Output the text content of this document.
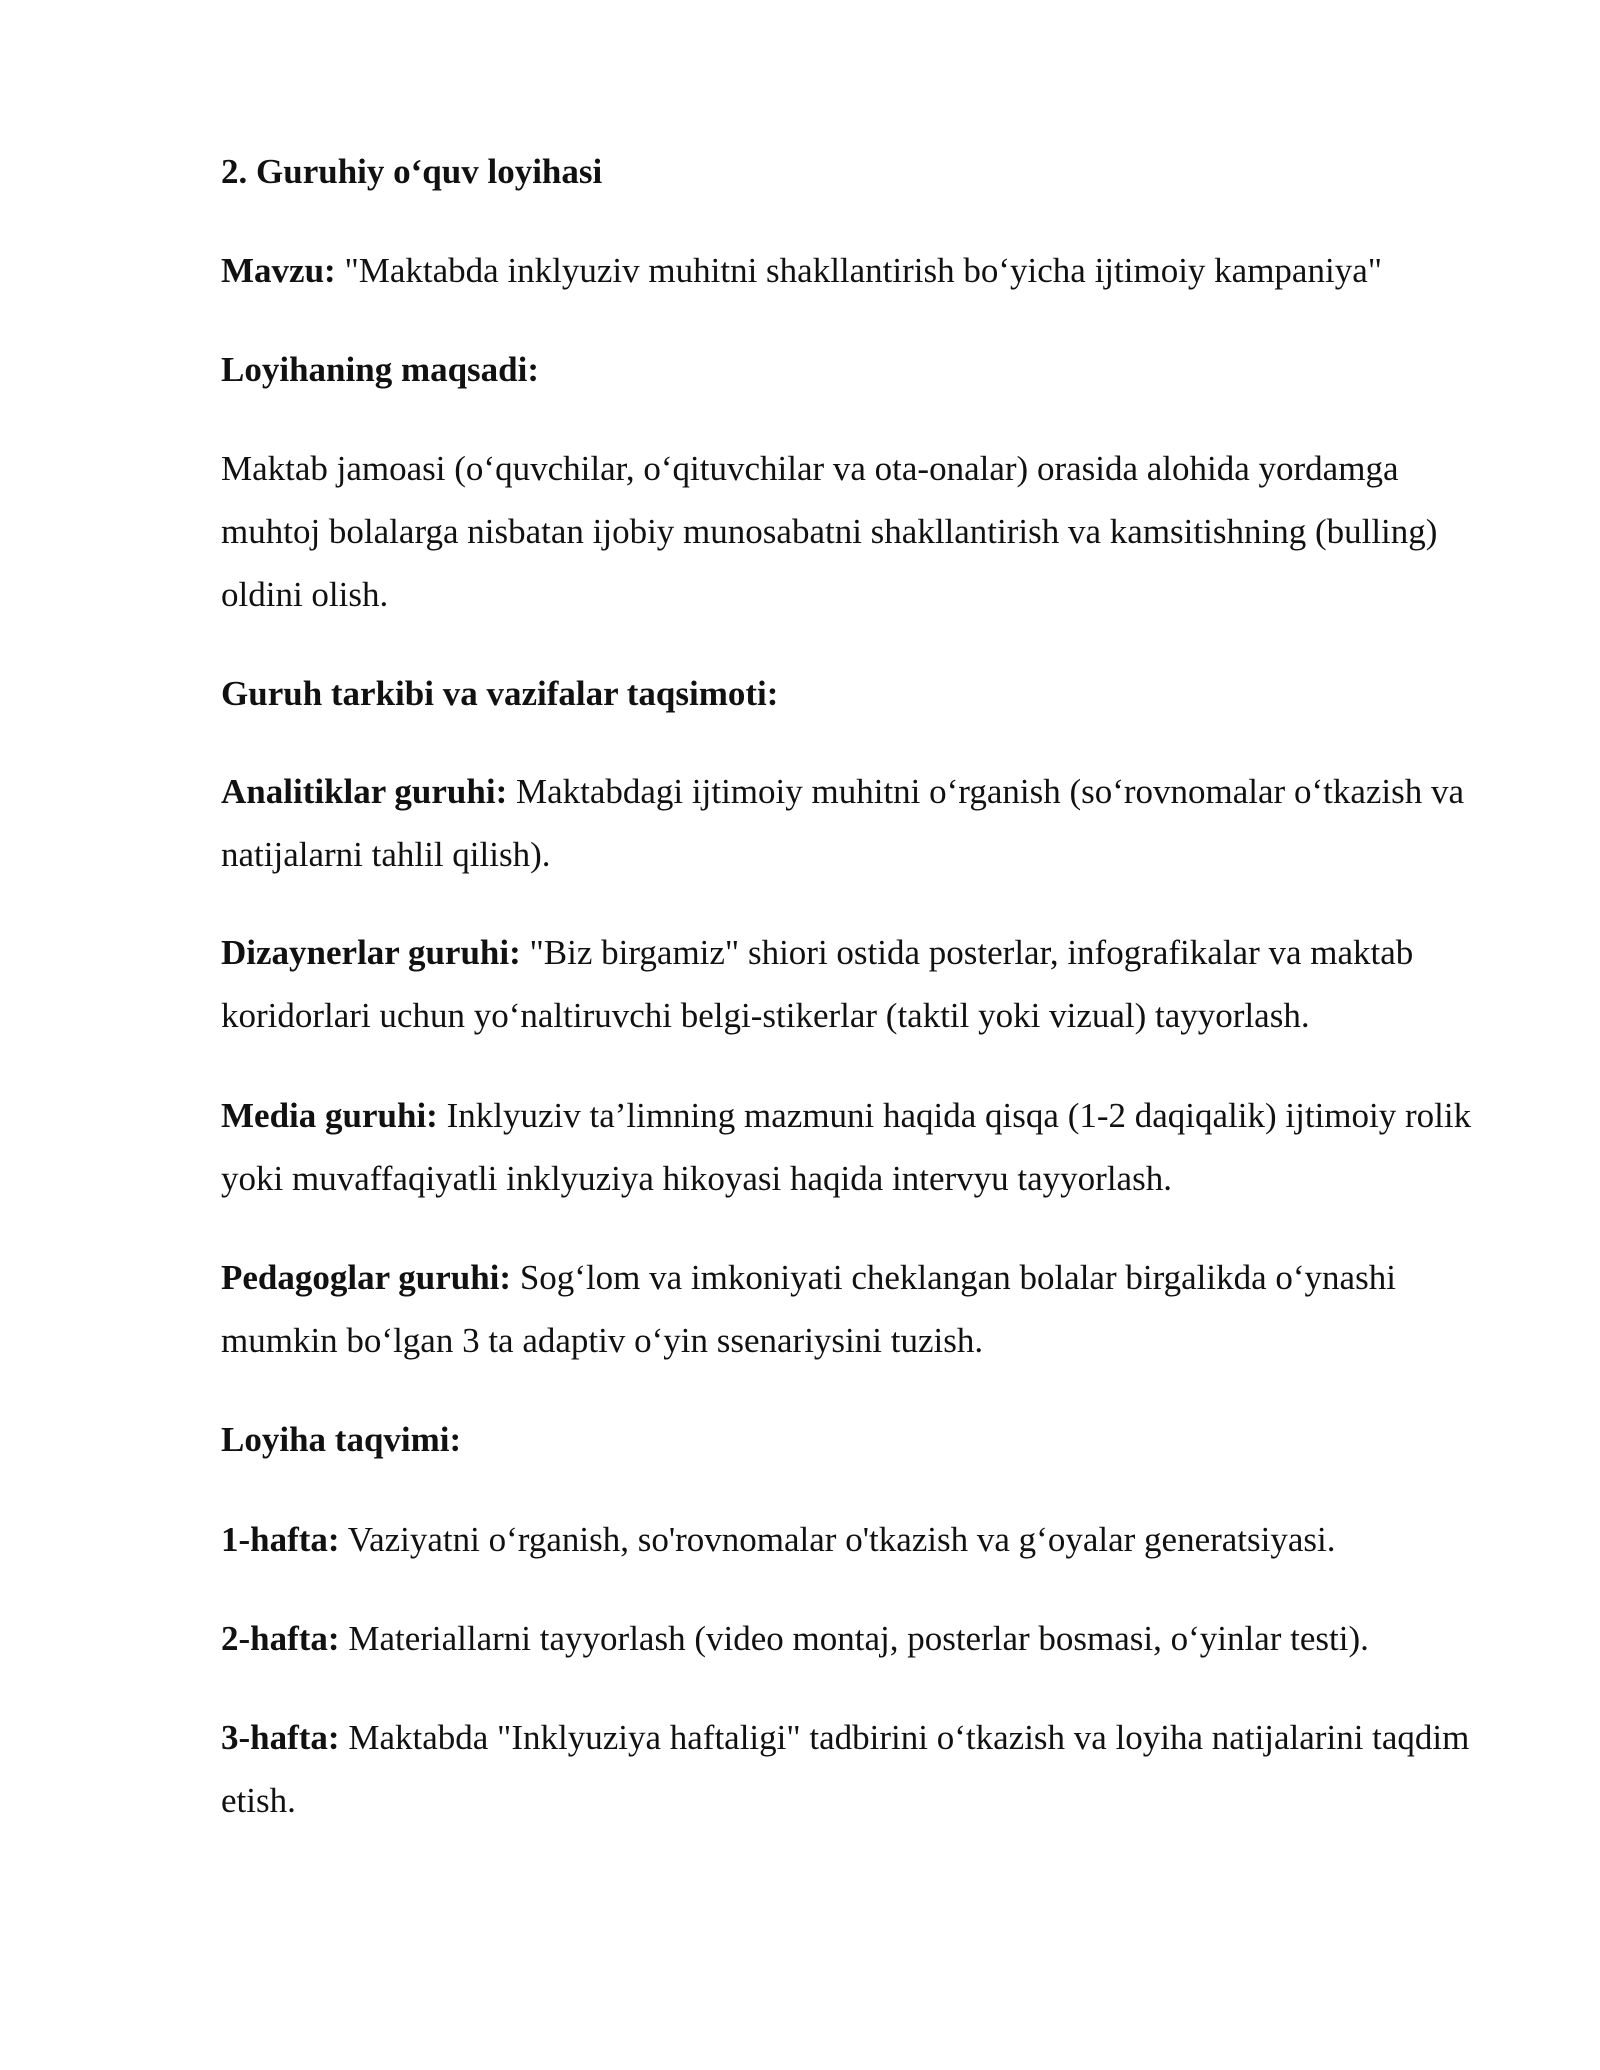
2. Guruhiy o‘quv loyihasi
Mavzu: "Maktabda inklyuziv muhitni shakllantirish bo‘yicha ijtimoiy kampaniya"
Loyihaning maqsadi:
Maktab jamoasi (o‘quvchilar, o‘qituvchilar va ota-onalar) orasida alohida yordamga muhtoj bolalarga nisbatan ijobiy munosabatni shakllantirish va kamsitishning (bulling) oldini olish.
Guruh tarkibi va vazifalar taqsimoti:
Analitiklar guruhi: Maktabdagi ijtimoiy muhitni o‘rganish (so‘rovnomalar o‘tkazish va natijalarni tahlil qilish).
Dizaynerlar guruhi: "Biz birgamiz" shiori ostida posterlar, infografikalar va maktab koridorlari uchun yo‘naltiruvchi belgi-stikerlar (taktil yoki vizual) tayyorlash.
Media guruhi: Inklyuziv ta’limning mazmuni haqida qisqa (1-2 daqiqalik) ijtimoiy rolik yoki muvaffaqiyatli inklyuziya hikoyasi haqida intervyu tayyorlash.
Pedagoglar guruhi: Sog‘lom va imkoniyati cheklangan bolalar birgalikda o‘ynashi mumkin bo‘lgan 3 ta adaptiv o‘yin ssenariysini tuzish.
Loyiha taqvimi:
1-hafta: Vaziyatni o‘rganish, so'rovnomalar o'tkazish va g‘oyalar generatsiyasi.
2-hafta: Materiallarni tayyorlash (video montaj, posterlar bosmasi, o‘yinlar testi).
3-hafta: Maktabda "Inklyuziya haftaligi" tadbirini o‘tkazish va loyiha natijalarini taqdim etish.
